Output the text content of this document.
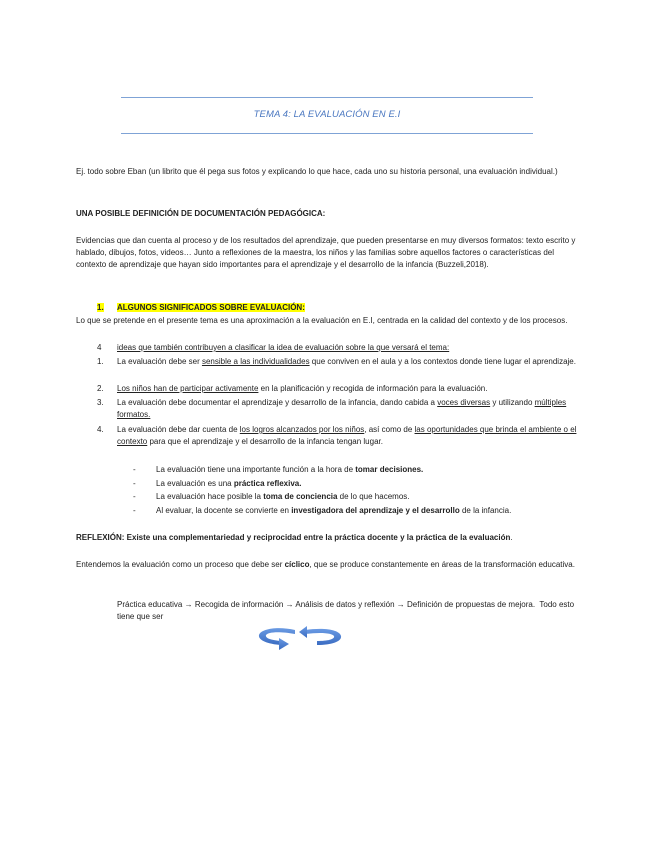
TEMA 4: LA EVALUACIÓN EN E.I
Ej. todo sobre Eban (un librito que él pega sus fotos y explicando lo que hace, cada uno su historia personal, una evaluación individual.)
UNA POSIBLE DEFINICIÓN DE DOCUMENTACIÓN PEDAGÓGICA:
Evidencias que dan cuenta al proceso y de los resultados del aprendizaje, que pueden presentarse en muy diversos formatos: texto escrito y hablado, dibujos, fotos, videos… Junto a reflexiones de la maestra, los niños y las familias sobre aquellos factores o características del contexto de aprendizaje que hayan sido importantes para el aprendizaje y el desarrollo de la infancia (Buzzeli,2018).
1. ALGUNOS SIGNIFICADOS SOBRE EVALUACIÓN:
Lo que se pretende en el presente tema es una aproximación a la evaluación en E.I, centrada en la calidad del contexto y de los procesos.
4 ideas que también contribuyen a clasificar la idea de evaluación sobre la que versará el tema:
1. La evaluación debe ser sensible a las individualidades que conviven en el aula y a los contextos donde tiene lugar el aprendizaje.
2. Los niños han de participar activamente en la planificación y recogida de información para la evaluación.
3. La evaluación debe documentar el aprendizaje y desarrollo de la infancia, dando cabida a voces diversas y utilizando múltiples formatos.
4. La evaluación debe dar cuenta de los logros alcanzados por los niños, así como de las oportunidades que brinda el ambiente o el contexto para que el aprendizaje y el desarrollo de la infancia tengan lugar.
-	La evaluación tiene una importante función a la hora de tomar decisiones.
-	La evaluación es una práctica reflexiva.
-	La evaluación hace posible la toma de conciencia de lo que hacemos.
-	Al evaluar, la docente se convierte en investigadora del aprendizaje y el desarrollo de la infancia.
REFLEXIÓN: Existe una complementariedad y reciprocidad entre la práctica docente y la práctica de la evaluación.
Entendemos la evaluación como un proceso que debe ser cíclico, que se produce constantemente en áreas de la transformación educativa.
Práctica educativa → Recogida de información → Análisis de datos y reflexión → Definición de propuestas de mejora. Todo esto tiene que ser
